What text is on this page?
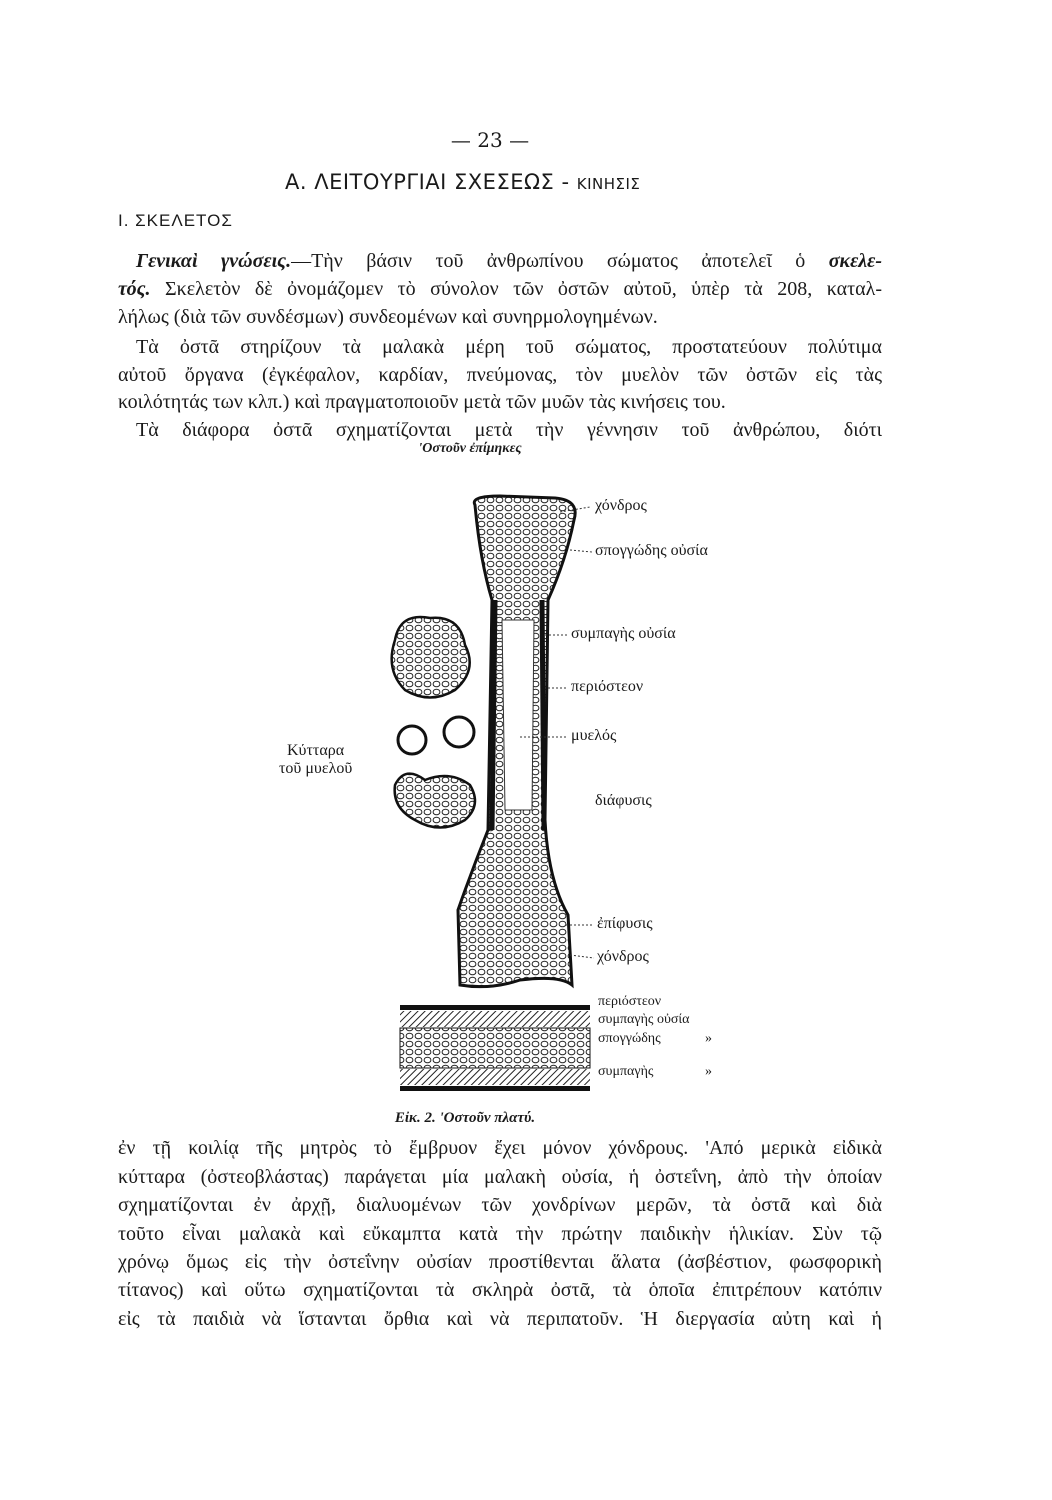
— 23 —
Α. ΛΕΙΤΟΥΡΓΙΑΙ ΣΧΕΣΕΩΣ - ΚΙΝΗΣΙΣ
Ι. ΣΚΕΛΕΤΟΣ
Γενικαὶ γνώσεις.—Τὴν βάσιν τοῦ ἀνθρωπίνου σώματος ἀποτελεῖ ὁ σκελε-
τός. Σκελετὸν δὲ ὀνομάζομεν τὸ σύνολον τῶν ὀστῶν αὐτοῦ, ὑπὲρ τὰ 208, καταλ-
λήλως (διὰ τῶν συνδέσμων) συνδεομένων καὶ συνηρμολογημένων.
Τὰ ὀστᾶ στηρίζουν τὰ μαλακὰ μέρη τοῦ σώματος, προστατεύουν πολύτιμα
αὐτοῦ ὄργανα (ἐγκέφαλον, καρδίαν, πνεύμονας, τὸν μυελὸν τῶν ὀστῶν εἰς τὰς
κοιλότητάς των κλπ.) καὶ πραγματοποιοῦν μετὰ τῶν μυῶν τὰς κινήσεις του.
Τὰ διάφορα ὀστᾶ σχηματίζονται μετὰ τὴν γέννησιν τοῦ ἀνθρώπου, διότι
'Οστοῦν ἐπίμηκες
χόνδρος
σπογγώδης οὐσία
συμπαγὴς οὐσία
περιόστεον
μυελός
διάφυσις
ἐπίφυσις
χόνδρος
Κύτταρα
τοῦ μυελοῦ
περιόστεον
συμπαγὴς οὐσία
σπογγώδης	»
συμπαγὴς	»
Εἰκ. 2. 'Οστοῦν πλατύ.
ἐν τῇ κοιλίᾳ τῆς μητρὸς τὸ ἔμβρυον ἔχει μόνον χόνδρους. 'Από μερικὰ εἰδικὰ
κύτταρα (ὀστεοβλάστας) παράγεται μία μαλακὴ οὐσία, ἡ ὀστεΐνη, ἀπὸ τὴν ὁποίαν
σχηματίζονται ἐν ἀρχῇ, διαλυομένων τῶν χονδρίνων μερῶν, τὰ ὀστᾶ καὶ διὰ
τοῦτο εἶναι μαλακὰ καὶ εὔκαμπτα κατὰ τὴν πρώτην παιδικὴν ἡλικίαν. Σὺν τῷ
χρόνῳ ὅμως εἰς τὴν ὀστεΐνην οὐσίαν προστίθενται ἅλατα (ἀσβέστιον, φωσφορικὴ
τίτανος) καὶ οὕτω σχηματίζονται τὰ σκληρὰ ὀστᾶ, τὰ ὁποῖα ἐπιτρέπουν κατόπιν
εἰς τὰ παιδιὰ νὰ ἵστανται ὄρθια καὶ νὰ περιπατοῦν. Ἡ διεργασία αὐτη καὶ ἡ
